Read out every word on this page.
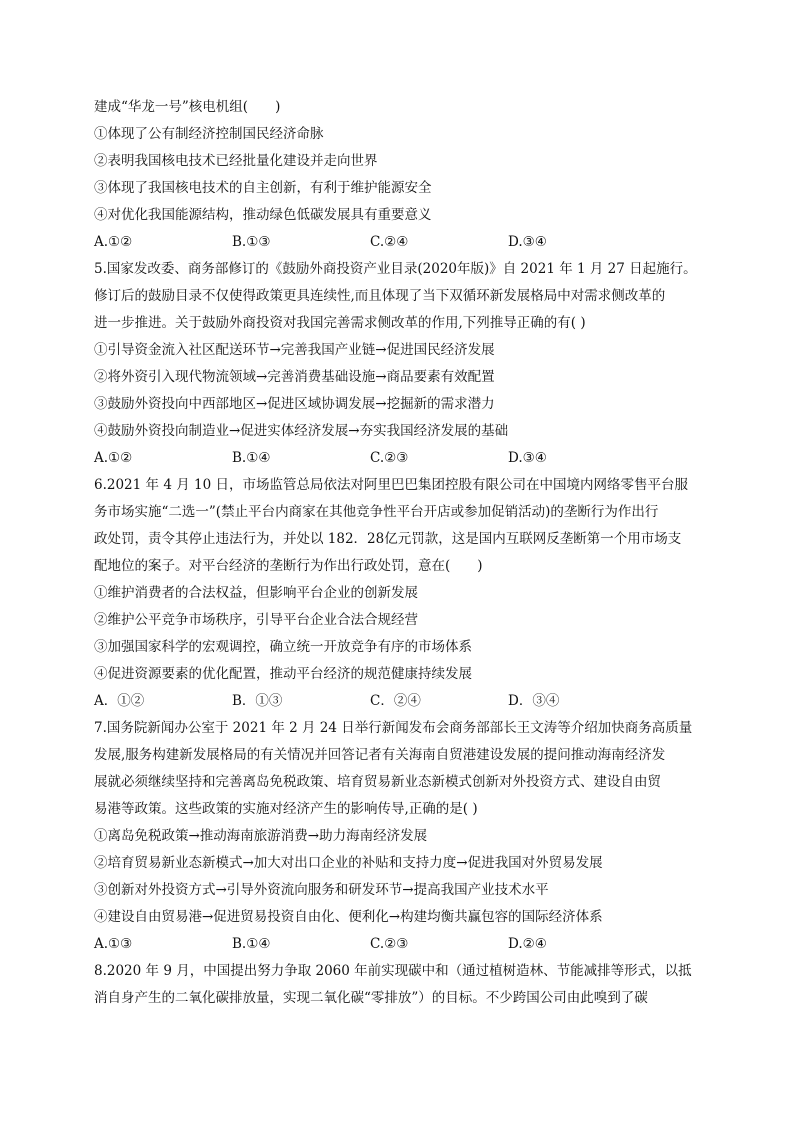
建成“华龙一号”核电机组(　　)
①体现了公有制经济控制国民经济命脉
②表明我国核电技术已经批量化建设并走向世界
③体现了我国核电技术的自主创新，有利于维护能源安全
④对优化我国能源结构，推动绿色低碳发展具有重要意义
A.①②	B.①③	C.②④	D.③④
5.国家发改委、商务部修订的《鼓励外商投资产业目录(2020年版)》自 2021 年 1 月 27 日起施行。
修订后的鼓励目录不仅使得政策更具连续性,而且体现了当下双循环新发展格局中对需求侧改革的
进一步推进。关于鼓励外商投资对我国完善需求侧改革的作用,下列推导正确的有( )
①引导资金流入社区配送环节→完善我国产业链→促进国民经济发展
②将外资引入现代物流领域→完善消费基础设施→商品要素有效配置
③鼓励外资投向中西部地区→促进区域协调发展→挖掘新的需求潜力
④鼓励外资投向制造业→促进实体经济发展→夯实我国经济发展的基础
A.①②	B.①④	C.②③	D.③④
6.2021 年 4 月 10 日，市场监管总局依法对阿里巴巴集团控股有限公司在中国境内网络零售平台服
务市场实施“二选一”(禁止平台内商家在其他竞争性平台开店或参加促销活动)的垄断行为作出行
政处罚，责令其停止违法行为，并处以 182．28亿元罚款，这是国内互联网反垄断第一个用市场支
配地位的案子。对平台经济的垄断行为作出行政处罚，意在(　　)
①维护消费者的合法权益，但影响平台企业的创新发展
②维护公平竞争市场秩序，引导平台企业合法合规经营
③加强国家科学的宏观调控，确立统一开放竞争有序的市场体系
④促进资源要素的优化配置，推动平台经济的规范健康持续发展
A．①②	B．①③	C．②④	D．③④
7.国务院新闻办公室于 2021 年 2 月 24 日举行新闻发布会商务部部长王文涛等介绍加快商务高质量
发展,服务构建新发展格局的有关情况并回答记者有关海南自贸港建设发展的提问推动海南经济发
展就必须继续坚持和完善离岛免税政策、培育贸易新业态新模式创新对外投资方式、建设自由贸
易港等政策。这些政策的实施对经济产生的影响传导,正确的是( )
①离岛免税政策→推动海南旅游消费→助力海南经济发展
②培育贸易新业态新模式→加大对出口企业的补贴和支持力度→促进我国对外贸易发展
③创新对外投资方式→引导外资流向服务和研发环节→提高我国产业技术水平
④建设自由贸易港→促进贸易投资自由化、便利化→构建均衡共赢包容的国际经济体系
A.①③	B.①④	C.②③	D.②④
8.2020 年 9 月，中国提出努力争取 2060 年前实现碳中和（通过植树造林、节能减排等形式，以抵
消自身产生的二氧化碳排放量，实现二氧化碳“零排放”）的目标。不少跨国公司由此嗅到了碳
